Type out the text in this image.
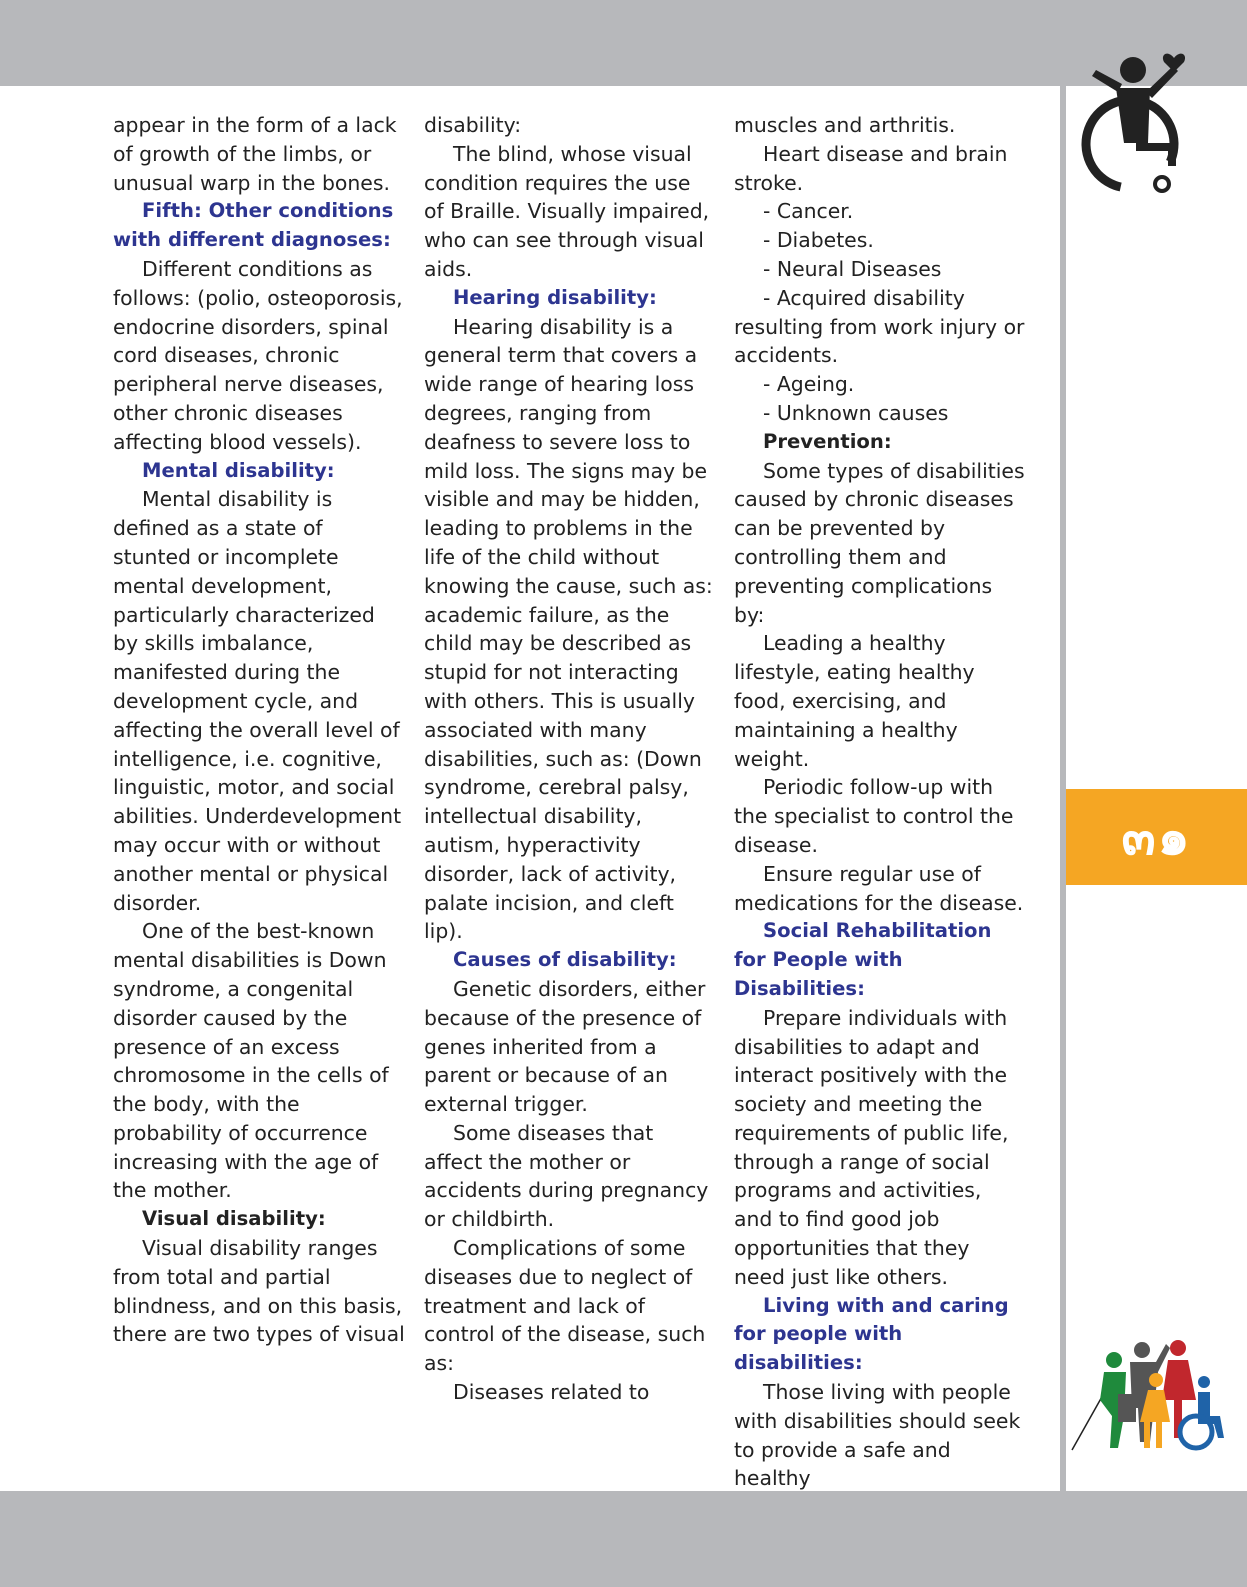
๓๑

appear in the form of a lack of growth of the limbs, or unusual warp in the bones.

Fifth: Other conditions with different diagnoses:

Different conditions as follows: (polio, osteoporosis, endocrine disorders, spinal cord diseases, chronic peripheral nerve diseases, other chronic diseases affecting blood vessels).

Mental disability:

Mental disability is defined as a state of stunted or incomplete mental development, particularly characterized by skills imbalance, manifested during the development cycle, and affecting the overall level of intelligence, i.e. cognitive, linguistic, motor, and social abilities. Underdevelopment may occur with or without another mental or physical disorder.

One of the best-known mental disabilities is Down syndrome, a congenital disorder caused by the presence of an excess chromosome in the cells of the body, with the probability of occurrence increasing with the age of the mother.

Visual disability:

Visual disability ranges from total and partial blindness, and on this basis, there are two types of visual

disability:

The blind, whose visual condition requires the use of Braille. Visually impaired, who can see through visual aids.

Hearing disability:

Hearing disability is a general term that covers a wide range of hearing loss degrees, ranging from deafness to severe loss to mild loss. The signs may be visible and may be hidden, leading to problems in the life of the child without knowing the cause, such as: academic failure, as the child may be described as stupid for not interacting with others. This is usually associated with many disabilities, such as: (Down syndrome, cerebral palsy, intellectual disability, autism, hyperactivity disorder, lack of activity, palate incision, and cleft lip).

Causes of disability:

Genetic disorders, either because of the presence of genes inherited from a parent or because of an external trigger.

Some diseases that affect the mother or accidents during pregnancy or childbirth.

Complications of some diseases due to neglect of treatment and lack of control of the disease, such as:

Diseases related to

muscles and arthritis.

Heart disease and brain stroke.

- Cancer.

- Diabetes.

- Neural Diseases

- Acquired disability resulting from work injury or accidents.

- Ageing.

- Unknown causes

Prevention:

Some types of disabilities caused by chronic diseases can be prevented by controlling them and preventing complications by:

Leading a healthy lifestyle, eating healthy food, exercising, and maintaining a healthy weight.

Periodic follow-up with the specialist to control the disease.

Ensure regular use of medications for the disease.

Social Rehabilitation for People with Disabilities:

Prepare individuals with disabilities to adapt and interact positively with the society and meeting the requirements of public life, through a range of social programs and activities, and to find good job opportunities that they need just like others.

Living with and caring for people with disabilities:

Those living with people with disabilities should seek to provide a safe and healthy
